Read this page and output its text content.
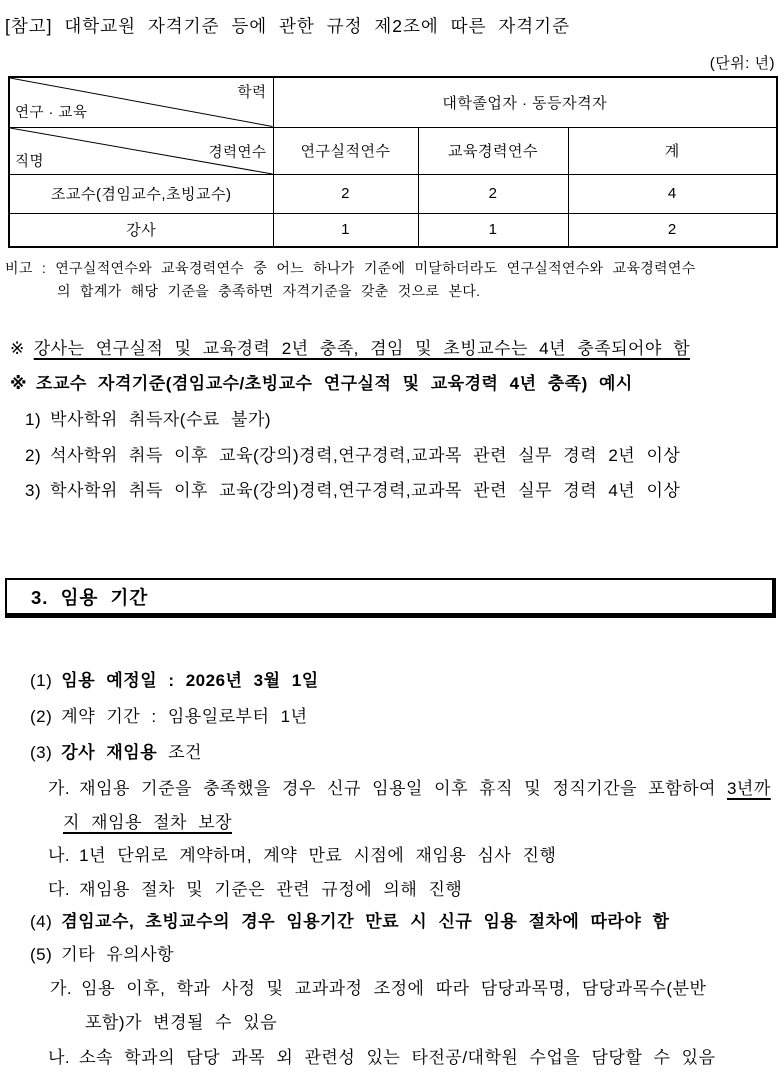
[참고] 대학교원 자격기준 등에 관한 규정 제2조에 따른 자격기준
(단위: 년)
학력
연구 · 교육	대학졸업자 · 동등자격자		

경력연수
직명	연구실적연수	교육경력연수	계
조교수(겸임교수,초빙교수)	2	2	4
강사	1	1	2
비고 : 연구실적연수와 교육경력연수 중 어느 하나가 기준에 미달하더라도 연구실적연수와 교육경력연수
의 합계가 해당 기준을 충족하면 자격기준을 갖춘 것으로 본다.
※ 강사는 연구실적 및 교육경력 2년 충족, 겸임 및 초빙교수는 4년 충족되어야 함
※ 조교수 자격기준(겸임교수/초빙교수 연구실적 및 교육경력 4년 충족) 예시
1) 박사학위 취득자(수료 불가)
2) 석사학위 취득 이후 교육(강의)경력,연구경력,교과목 관련 실무 경력 2년 이상
3) 학사학위 취득 이후 교육(강의)경력,연구경력,교과목 관련 실무 경력 4년 이상
3. 임용 기간
(1) 임용 예정일 : 2026년 3월 1일
(2) 계약 기간 : 임용일로부터 1년
(3) 강사 재임용 조건
가. 재임용 기준을 충족했을 경우 신규 임용일 이후 휴직 및 정직기간을 포함하여 3년까
지 재임용 절차 보장
나. 1년 단위로 계약하며, 계약 만료 시점에 재임용 심사 진행
다. 재임용 절차 및 기준은 관련 규정에 의해 진행
(4) 겸임교수, 초빙교수의 경우 임용기간 만료 시 신규 임용 절차에 따라야 함
(5) 기타 유의사항
가. 임용 이후, 학과 사정 및 교과과정 조정에 따라 담당과목명, 담당과목수(분반
포함)가 변경될 수 있음
나. 소속 학과의 담당 과목 외 관련성 있는 타전공/대학원 수업을 담당할 수 있음
